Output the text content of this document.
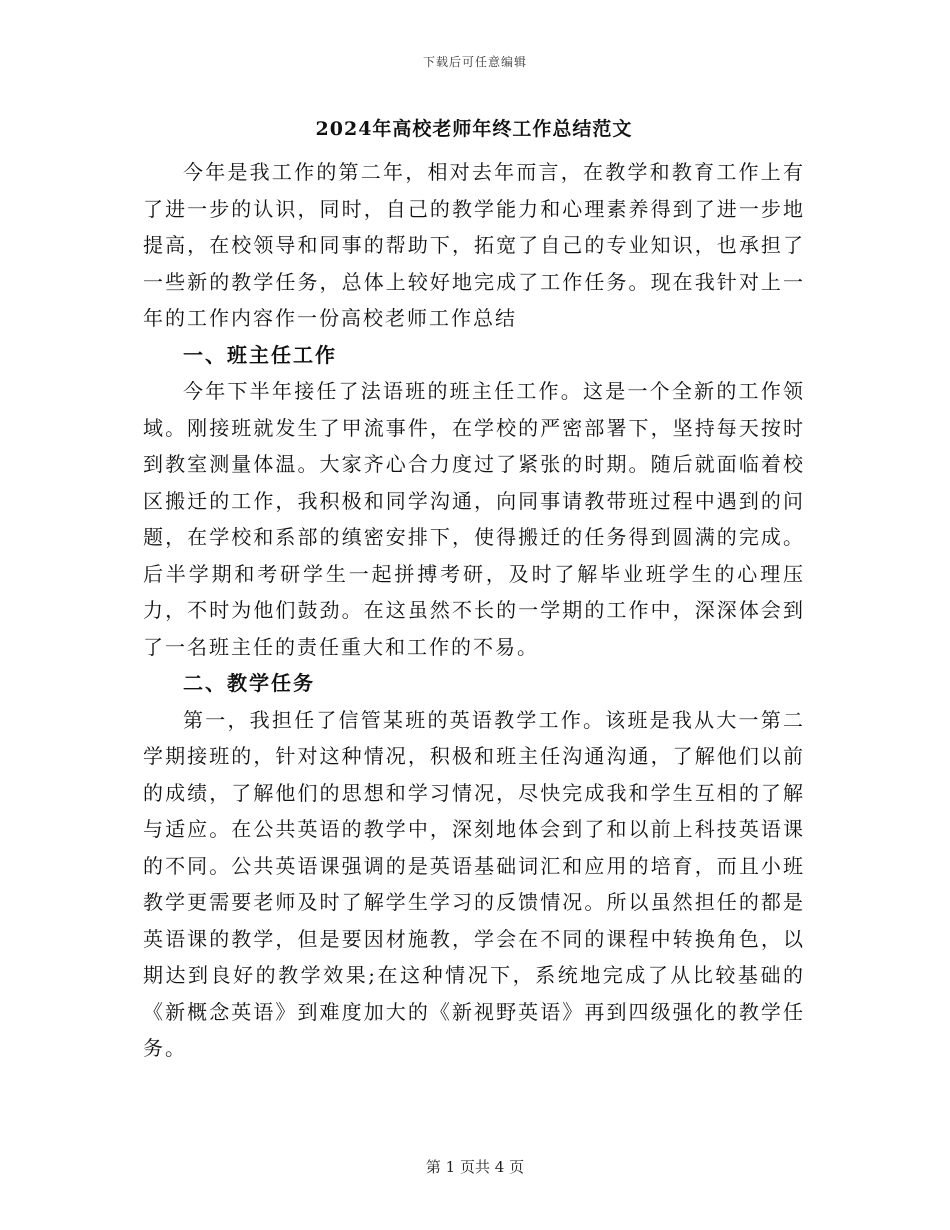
下载后可任意编辑
2024年高校老师年终工作总结范文

今年是我工作的第二年，相对去年而言，在教学和教育工作上有了进一步的认识，同时，自己的教学能力和心理素养得到了进一步地提高，在校领导和同事的帮助下，拓宽了自己的专业知识，也承担了一些新的教学任务，总体上较好地完成了工作任务。现在我针对上一年的工作内容作一份高校老师工作总结

一、班主任工作

今年下半年接任了法语班的班主任工作。这是一个全新的工作领域。刚接班就发生了甲流事件，在学校的严密部署下，坚持每天按时到教室测量体温。大家齐心合力度过了紧张的时期。随后就面临着校区搬迁的工作，我积极和同学沟通，向同事请教带班过程中遇到的问题，在学校和系部的缜密安排下，使得搬迁的任务得到圆满的完成。后半学期和考研学生一起拼搏考研，及时了解毕业班学生的心理压力，不时为他们鼓劲。在这虽然不长的一学期的工作中，深深体会到了一名班主任的责任重大和工作的不易。

二、教学任务

第一，我担任了信管某班的英语教学工作。该班是我从大一第二学期接班的，针对这种情况，积极和班主任沟通沟通，了解他们以前的成绩，了解他们的思想和学习情况，尽快完成我和学生互相的了解与适应。在公共英语的教学中，深刻地体会到了和以前上科技英语课的不同。公共英语课强调的是英语基础词汇和应用的培育，而且小班教学更需要老师及时了解学生学习的反馈情况。所以虽然担任的都是英语课的教学，但是要因材施教，学会在不同的课程中转换角色，以期达到良好的教学效果;在这种情况下，系统地完成了从比较基础的《新概念英语》到难度加大的《新视野英语》再到四级强化的教学任务。

第 1 页共 4 页
